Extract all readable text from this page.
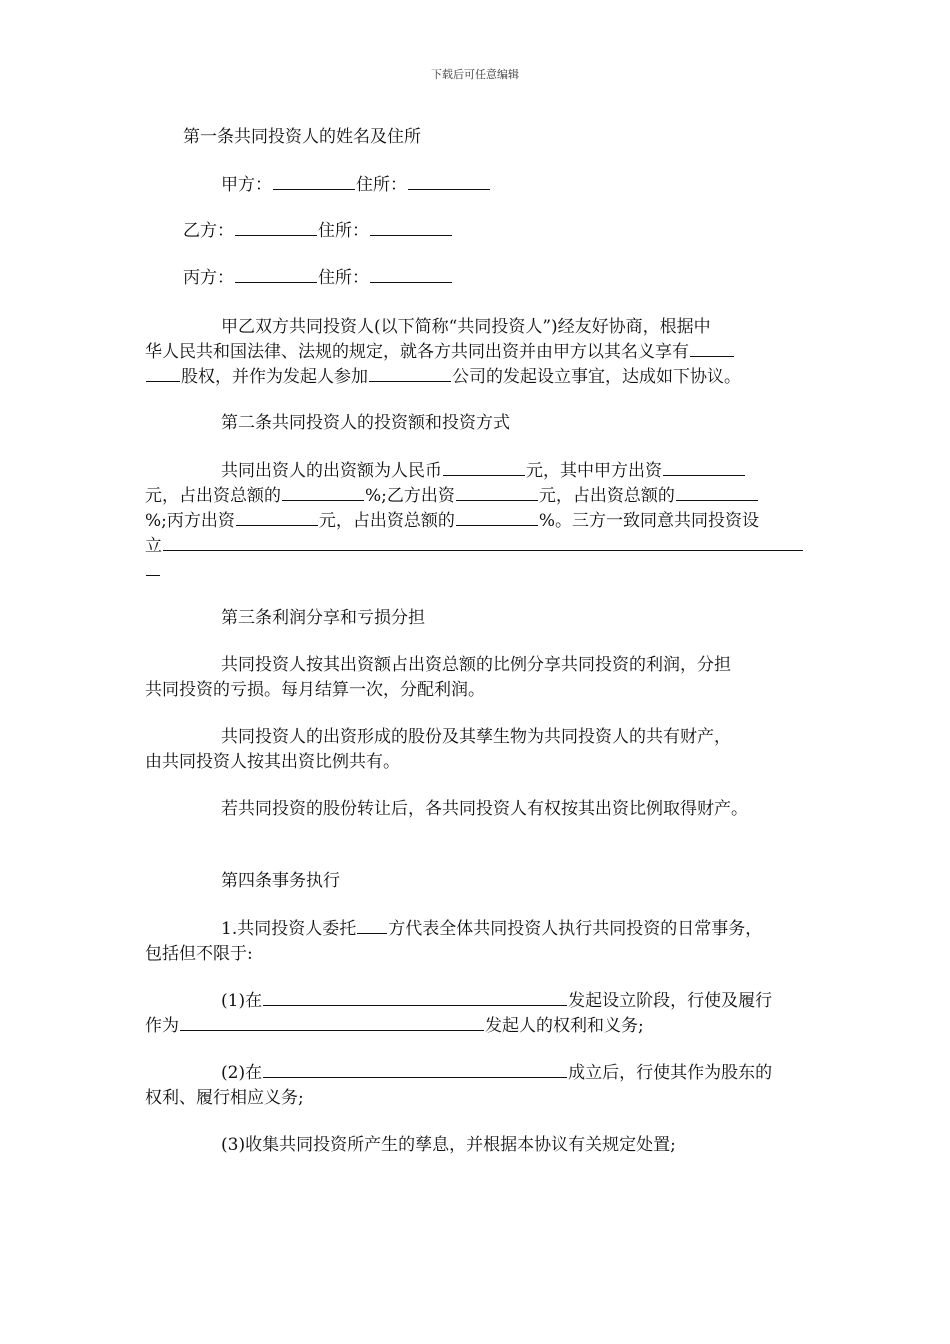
下载后可任意编辑
第一条共同投资人的姓名及住所
甲方：	住所：
乙方：	住所：
丙方：	住所：
甲乙双方共同投资人(以下简称“共同投资人”)经友好协商，根据中
华人民共和国法律、法规的规定，就各方共同出资并由甲方以其名义享有
股权，并作为发起人参加	公司的发起设立事宜，达成如下协议。
第二条共同投资人的投资额和投资方式
共同出资人的出资额为人民币	元，其中甲方出资
元，占出资总额的	%;乙方出资	元，占出资总额的
%;丙方出资	元，占出资总额的	%。三方一致同意共同投资设
立
第三条利润分享和亏损分担
共同投资人按其出资额占出资总额的比例分享共同投资的利润，分担
共同投资的亏损。每月结算一次，分配利润。
共同投资人的出资形成的股份及其孳生物为共同投资人的共有财产，
由共同投资人按其出资比例共有。
若共同投资的股份转让后，各共同投资人有权按其出资比例取得财产。
第四条事务执行
1.共同投资人委托 方代表全体共同投资人执行共同投资的日常事务，
包括但不限于:
(1)在	发起设立阶段，行使及履行
作为	发起人的权利和义务;
(2)在	成立后，行使其作为股东的
权利、履行相应义务;
(3)收集共同投资所产生的孳息，并根据本协议有关规定处置;
